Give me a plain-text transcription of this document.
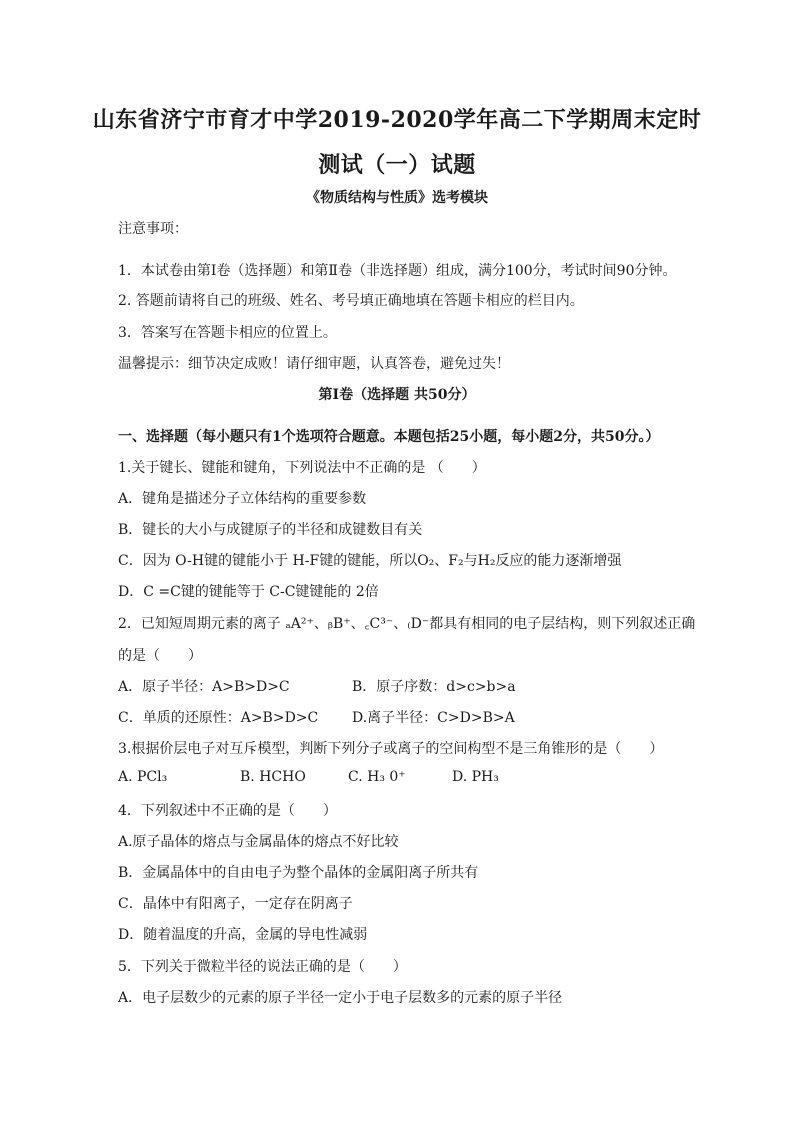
山东省济宁市育才中学2019-2020学年高二下学期周末定时
测试（一）试题
《物质结构与性质》选考模块
注意事项：
1．本试卷由第Ⅰ卷（选择题）和第Ⅱ卷（非选择题）组成，满分100分，考试时间90分钟。
2. 答题前请将自己的班级、姓名、考号填正确地填在答题卡相应的栏目内。
3．答案写在答题卡相应的位置上。
温馨提示：细节决定成败！请仔细审题，认真答卷，避免过失！
第Ⅰ卷（选择题 共50分）
一、选择题（每小题只有1个选项符合题意。本题包括25小题，每小题2分，共50分。）
1.关于键长、键能和键角，下列说法中不正确的是 （　　）
A．键角是描述分子立体结构的重要参数
B．键长的大小与成键原子的半径和成键数目有关
C．因为 O-H键的键能小于 H-F键的键能，所以O₂、F₂与H₂反应的能力逐渐增强
D．C =C键的键能等于 C-C键键能的 2倍
2．已知短周期元素的离子 ₐA²⁺、ᵦB⁺、꜀C³⁻、₍D⁻都具有相同的电子层结构，则下列叙述正确
的是（　　）
A．原子半径：A>B>D>C	B．原子序数：d>c>b>a
C．单质的还原性：A>B>D>C D.离子半径：C>D>B>A
3.根据价层电子对互斥模型，判断下列分子或离子的空间构型不是三角锥形的是（　　）
A. PCl₃	B. HCHO	C. H₃ 0⁺	D. PH₃
4．下列叙述中不正确的是（　　）
A.原子晶体的熔点与金属晶体的熔点不好比较
B．金属晶体中的自由电子为整个晶体的金属阳离子所共有
C．晶体中有阳离子，一定存在阴离子
D．随着温度的升高，金属的导电性减弱
5．下列关于微粒半径的说法正确的是（　　）
A．电子层数少的元素的原子半径一定小于电子层数多的元素的原子半径
